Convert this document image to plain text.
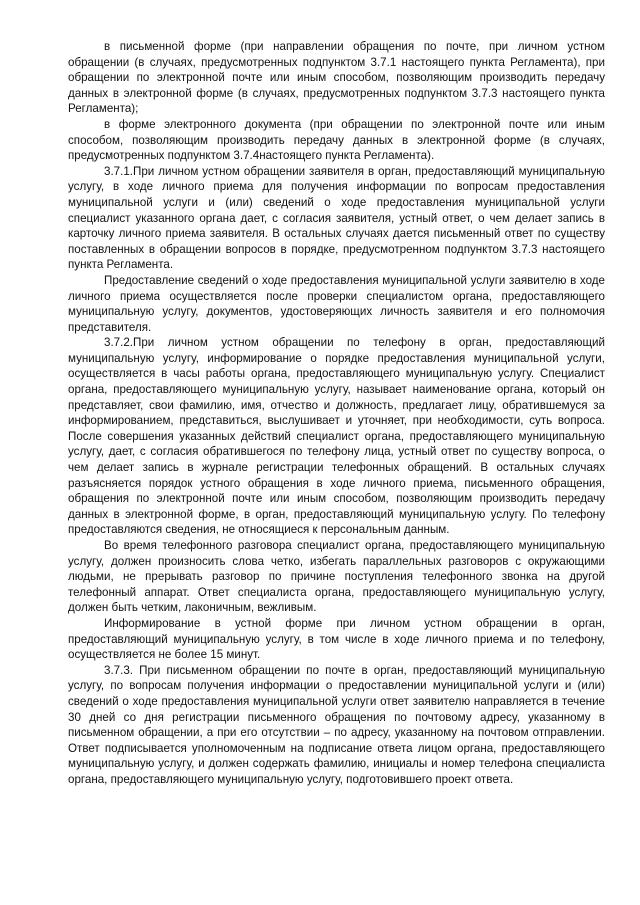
в письменной форме (при направлении обращения по почте, при личном устном обращении (в случаях, предусмотренных подпунктом 3.7.1 настоящего пункта Регламента), при обращении по электронной почте или иным способом, позволяющим производить передачу данных в электронной форме (в случаях, предусмотренных подпунктом 3.7.3 настоящего пункта Регламента);

в форме электронного документа (при обращении по электронной почте или иным способом, позволяющим производить передачу данных в электронной форме (в случаях, предусмотренных подпунктом 3.7.4настоящего пункта Регламента).

3.7.1.При личном устном обращении заявителя в орган, предоставляющий муниципальную услугу, в ходе личного приема для получения информации по вопросам предоставления муниципальной услуги и (или) сведений о ходе предоставления муниципальной услуги специалист указанного органа дает, с согласия заявителя, устный ответ, о чем делает запись в карточку личного приема заявителя. В остальных случаях дается письменный ответ по существу поставленных в обращении вопросов в порядке, предусмотренном подпунктом 3.7.3 настоящего пункта Регламента.

Предоставление сведений о ходе предоставления муниципальной услуги заявителю в ходе личного приема осуществляется после проверки специалистом органа, предоставляющего муниципальную услугу, документов, удостоверяющих личность заявителя и его полномочия представителя.

3.7.2.При личном устном обращении по телефону в орган, предоставляющий муниципальную услугу, информирование о порядке предоставления муниципальной услуги, осуществляется в часы работы органа, предоставляющего муниципальную услугу. Специалист органа, предоставляющего муниципальную услугу, называет наименование органа, который он представляет, свои фамилию, имя, отчество и должность, предлагает лицу, обратившемуся за информированием, представиться, выслушивает и уточняет, при необходимости, суть вопроса. После совершения указанных действий специалист органа, предоставляющего муниципальную услугу, дает, с согласия обратившегося по телефону лица, устный ответ по существу вопроса, о чем делает запись в журнале регистрации телефонных обращений. В остальных случаях разъясняется порядок устного обращения в ходе личного приема, письменного обращения, обращения по электронной почте или иным способом, позволяющим производить передачу данных в электронной форме, в орган, предоставляющий муниципальную услугу. По телефону предоставляются сведения, не относящиеся к персональным данным.

Во время телефонного разговора специалист органа, предоставляющего муниципальную услугу, должен произносить слова четко, избегать параллельных разговоров с окружающими людьми, не прерывать разговор по причине поступления телефонного звонка на другой телефонный аппарат. Ответ специалиста органа, предоставляющего муниципальную услугу, должен быть четким, лаконичным, вежливым.

Информирование в устной форме при личном устном обращении в орган, предоставляющий муниципальную услугу, в том числе в ходе личного приема и по телефону, осуществляется не более 15 минут.

3.7.3. При письменном обращении по почте в орган, предоставляющий муниципальную услугу, по вопросам получения информации о предоставлении муниципальной услуги и (или) сведений о ходе предоставления муниципальной услуги ответ заявителю направляется в течение 30 дней со дня регистрации письменного обращения по почтовому адресу, указанному в письменном обращении, а при его отсутствии – по адресу, указанному на почтовом отправлении. Ответ подписывается уполномоченным на подписание ответа лицом органа, предоставляющего муниципальную услугу, и должен содержать фамилию, инициалы и номер телефона специалиста органа, предоставляющего муниципальную услугу, подготовившего проект ответа.
